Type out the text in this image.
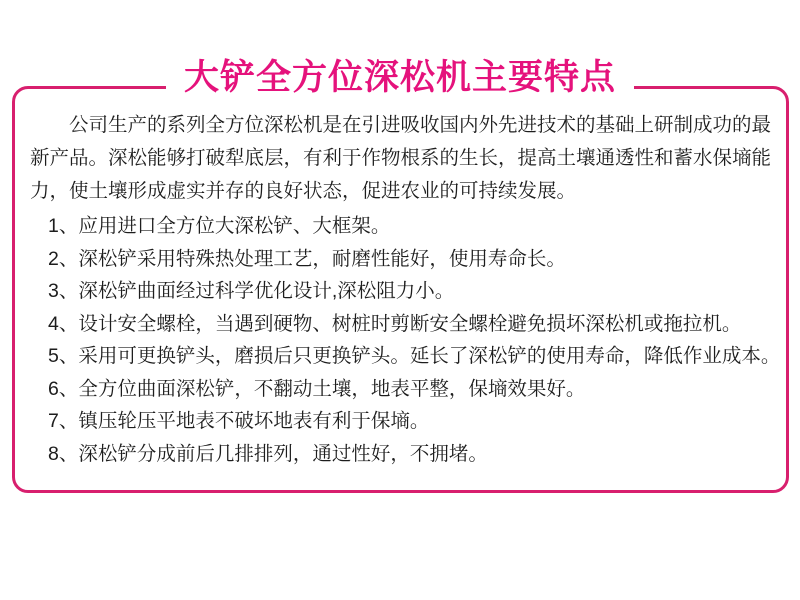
大铲全方位深松机主要特点

公司生产的系列全方位深松机是在引进吸收国内外先进技术的基础上研制成功的最新产品。深松能够打破犁底层，有利于作物根系的生长，提高土壤通透性和蓄水保墒能力，使土壤形成虚实并存的良好状态，促进农业的可持续发展。

1、应用进口全方位大深松铲、大框架。
2、深松铲采用特殊热处理工艺，耐磨性能好，使用寿命长。
3、深松铲曲面经过科学优化设计,深松阻力小。
4、设计安全螺栓，当遇到硬物、树桩时剪断安全螺栓避免损坏深松机或拖拉机。
5、采用可更换铲头，磨损后只更换铲头。延长了深松铲的使用寿命，降低作业成本。
6、全方位曲面深松铲，不翻动土壤，地表平整，保墒效果好。
7、镇压轮压平地表不破坏地表有利于保墒。
8、深松铲分成前后几排排列，通过性好，不拥堵。
